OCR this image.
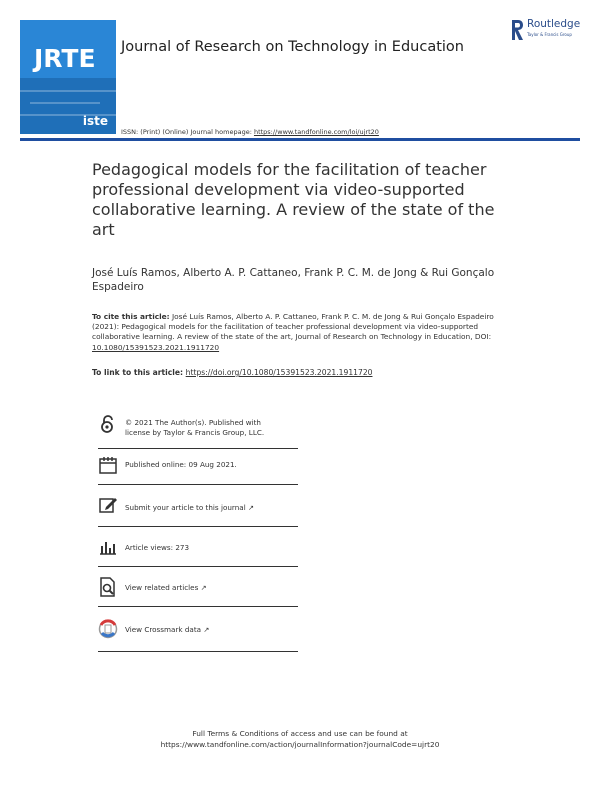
JRTE
iste
Journal of Research on Technology in Education
Routledge
Taylor & Francis Group
ISSN: (Print) (Online) Journal homepage: https://www.tandfonline.com/loi/ujrt20
Pedagogical models for the facilitation of teacher professional development via video-supported collaborative learning. A review of the state of the art
José Luís Ramos, Alberto A. P. Cattaneo, Frank P. C. M. de Jong & Rui Gonçalo Espadeiro
To cite this article: José Luís Ramos, Alberto A. P. Cattaneo, Frank P. C. M. de Jong & Rui Gonçalo Espadeiro (2021): Pedagogical models for the facilitation of teacher professional development via video-supported collaborative learning. A review of the state of the art, Journal of Research on Technology in Education, DOI: 10.1080/15391523.2021.1911720
To link to this article: https://doi.org/10.1080/15391523.2021.1911720
© 2021 The Author(s). Published with
license by Taylor & Francis Group, LLC.
Published online: 09 Aug 2021.
Submit your article to this journal ↗
Article views: 273
View related articles ↗
View Crossmark data ↗
Full Terms & Conditions of access and use can be found at
https://www.tandfonline.com/action/journalInformation?journalCode=ujrt20
